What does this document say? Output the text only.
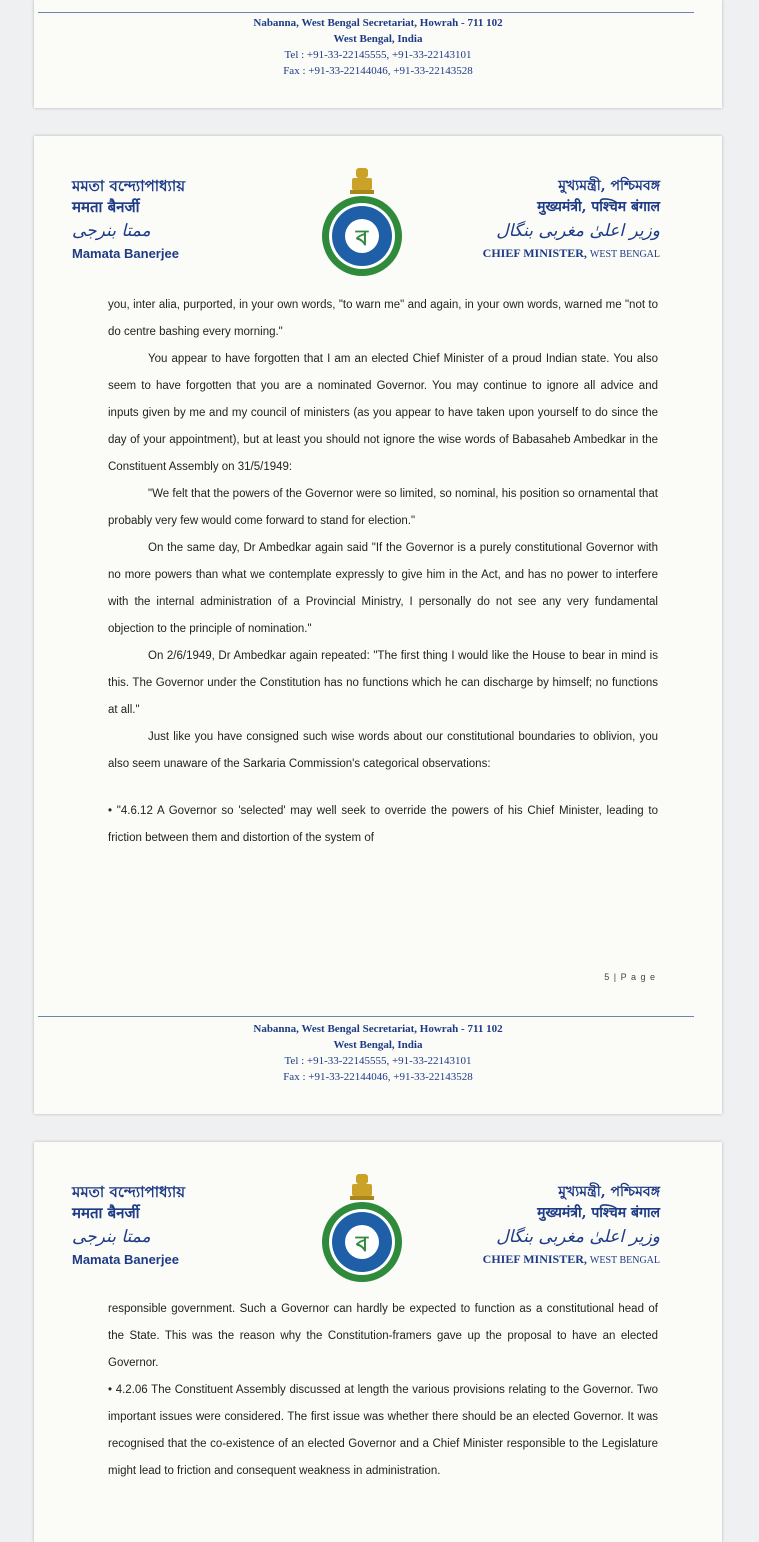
Nabanna, West Bengal Secretariat, Howrah - 711 102
West Bengal, India
Tel : +91-33-22145555, +91-33-22143101
Fax : +91-33-22144046, +91-33-22143528
মমতা বন্দ্যোপাধ্যায়
ममता बैनर्जी
ممتا بنرجی
Mamata Banerjee
ব
মুখ্যমন্ত্রী, পশ্চিমবঙ্গ
मुख्यमंत्री, पश्चिम बंगाल
وزیر اعلیٰ مغربی بنگال
CHIEF MINISTER, WEST BENGAL

you, inter alia, purported, in your own words, "to warn me" and again, in your own words, warned me "not to do centre bashing every morning."

You appear to have forgotten that I am an elected Chief Minister of a proud Indian state. You also seem to have forgotten that you are a nominated Governor. You may continue to ignore all advice and inputs given by me and my council of ministers (as you appear to have taken upon yourself to do since the day of your appointment), but at least you should not ignore the wise words of Babasaheb Ambedkar in the Constituent Assembly on 31/5/1949:

"We felt that the powers of the Governor were so limited, so nominal, his position so ornamental that probably very few would come forward to stand for election."

On the same day, Dr Ambedkar again said "If the Governor is a purely constitutional Governor with no more powers than what we contemplate expressly to give him in the Act, and has no power to interfere with the internal administration of a Provincial Ministry, I personally do not see any very fundamental objection to the principle of nomination."

On 2/6/1949, Dr Ambedkar again repeated: "The first thing I would like the House to bear in mind is this. The Governor under the Constitution has no functions which he can discharge by himself; no functions at all."

Just like you have consigned such wise words about our constitutional boundaries to oblivion, you also seem unaware of the Sarkaria Commission's categorical observations:

• "4.6.12 A Governor so 'selected' may well seek to override the powers of his Chief Minister, leading to friction between them and distortion of the system of

5 | P a g e
Nabanna, West Bengal Secretariat, Howrah - 711 102
West Bengal, India
Tel : +91-33-22145555, +91-33-22143101
Fax : +91-33-22144046, +91-33-22143528
মমতা বন্দ্যোপাধ্যায়
ममता बैनर्जी
ممتا بنرجی
Mamata Banerjee
ব
মুখ্যমন্ত্রী, পশ্চিমবঙ্গ
मुख्यमंत्री, पश्चिम बंगाल
وزیر اعلیٰ مغربی بنگال
CHIEF MINISTER, WEST BENGAL

responsible government. Such a Governor can hardly be expected to function as a constitutional head of the State. This was the reason why the Constitution-framers gave up the proposal to have an elected Governor.

• 4.2.06 The Constituent Assembly discussed at length the various provisions relating to the Governor. Two important issues were considered. The first issue was whether there should be an elected Governor. It was recognised that the co-existence of an elected Governor and a Chief Minister responsible to the Legislature might lead to friction and consequent weakness in administration.
